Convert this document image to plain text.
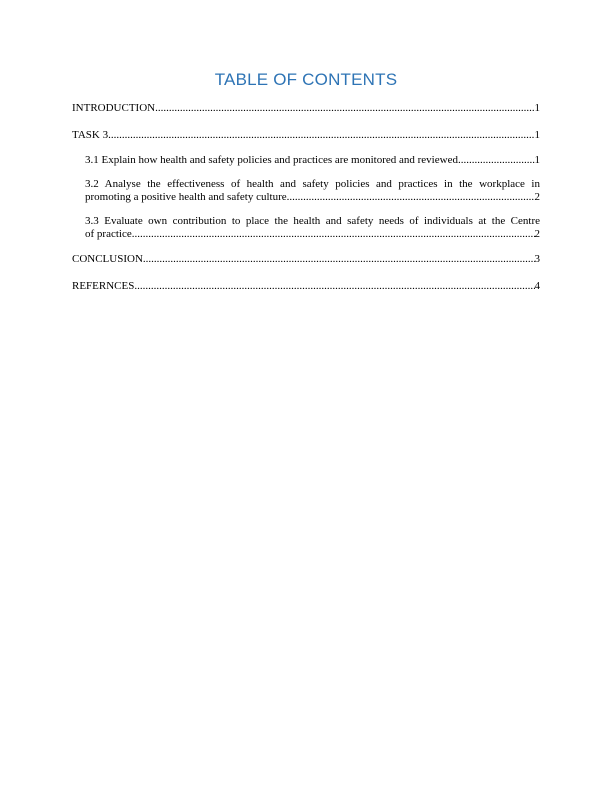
TABLE OF CONTENTS
INTRODUCTION .....	1
TASK 3 .....	1
3.1 Explain how health and safety policies and practices are monitored and reviewed .....	1
3.2 Analyse the effectiveness of health and safety policies and practices in the workplace in
promoting a positive health and safety culture .....	2
3.3 Evaluate own contribution to place the health and safety needs of individuals at the Centre
of practice .....	2
CONCLUSION .....	3
REFERNCES .....	4
